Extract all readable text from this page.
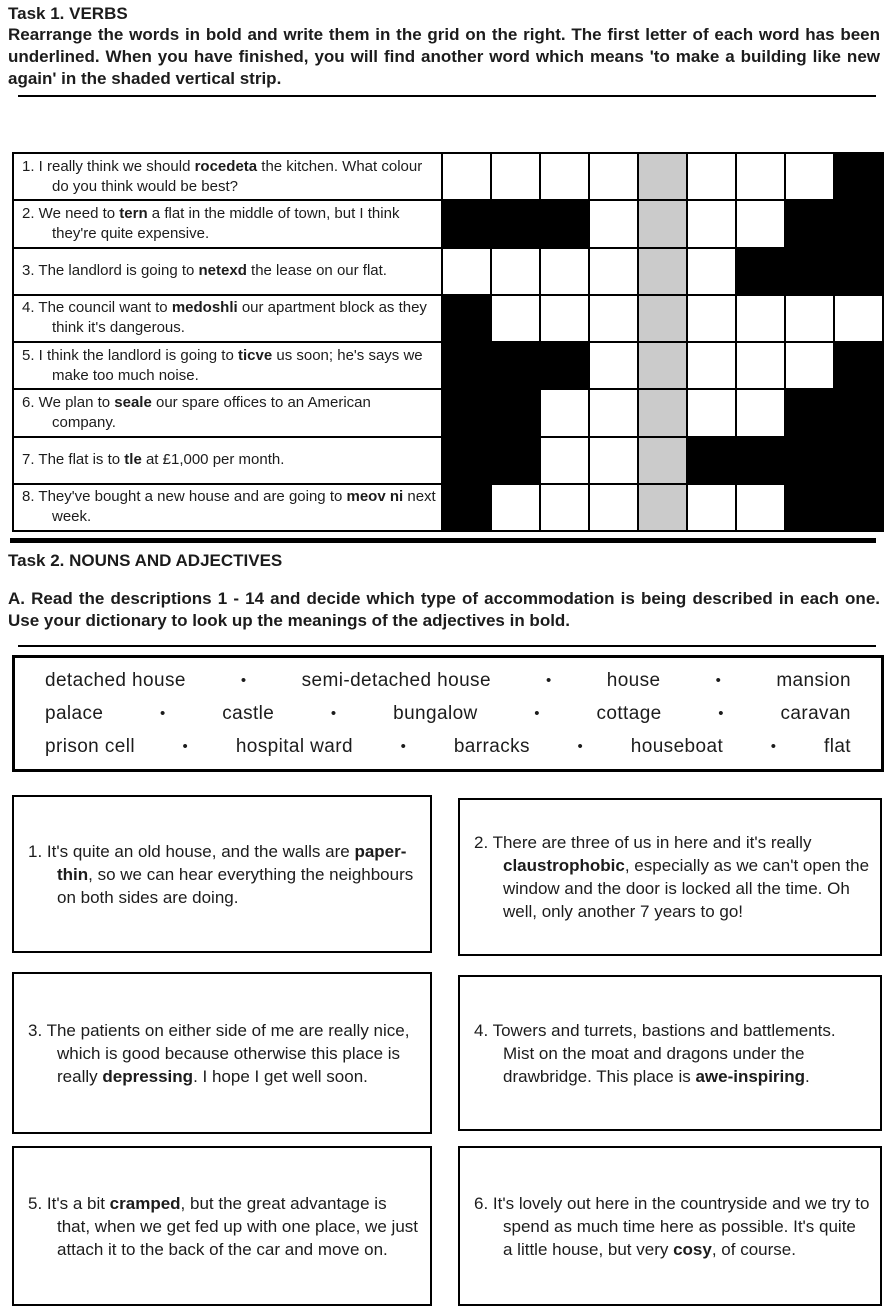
Task 1. VERBS

Rearrange the words in bold and write them in the grid on the right. The first letter of each word has been underlined. When you have finished, you will find another word which means 'to make a building like new again' in the shaded vertical strip.

1. I really think we should rocedeta the kitchen. What colour do you think would be best?
2. We need to tern a flat in the middle of town, but I think they're quite expensive.
3. The landlord is going to netexd the lease on our flat.
4. The council want to medoshli our apartment block as they think it's dangerous.
5. I think the landlord is going to ticve us soon; he's says we make too much noise.
6. We plan to seale our spare offices to an American company.
7. The flat is to tle at £1,000 per month.
8. They've bought a new house and are going to meov ni next week.
Task 2. NOUNS AND ADJECTIVES

A. Read the descriptions 1 - 14 and decide which type of accommodation is being described in each one. Use your dictionary to look up the meanings of the adjectives in bold.

detached house	•	semi-detached house	•	house	•	mansion
palace	•	castle	•	bungalow	•	cottage	•	caravan
prison cell	•	hospital ward	•	barracks	•	houseboat	•	flat
1. It's quite an old house, and the walls are paper-thin, so we can hear everything the neighbours on both sides are doing.
2. There are three of us in here and it's really claustrophobic, especially as we can't open the window and the door is locked all the time. Oh well, only another 7 years to go!
3. The patients on either side of me are really nice, which is good because otherwise this place is really depressing. I hope I get well soon.
4. Towers and turrets, bastions and battlements. Mist on the moat and dragons under the drawbridge. This place is awe-inspiring.
5. It's a bit cramped, but the great advantage is that, when we get fed up with one place, we just attach it to the back of the car and move on.
6. It's lovely out here in the countryside and we try to spend as much time here as possible. It's quite a little house, but very cosy, of course.
